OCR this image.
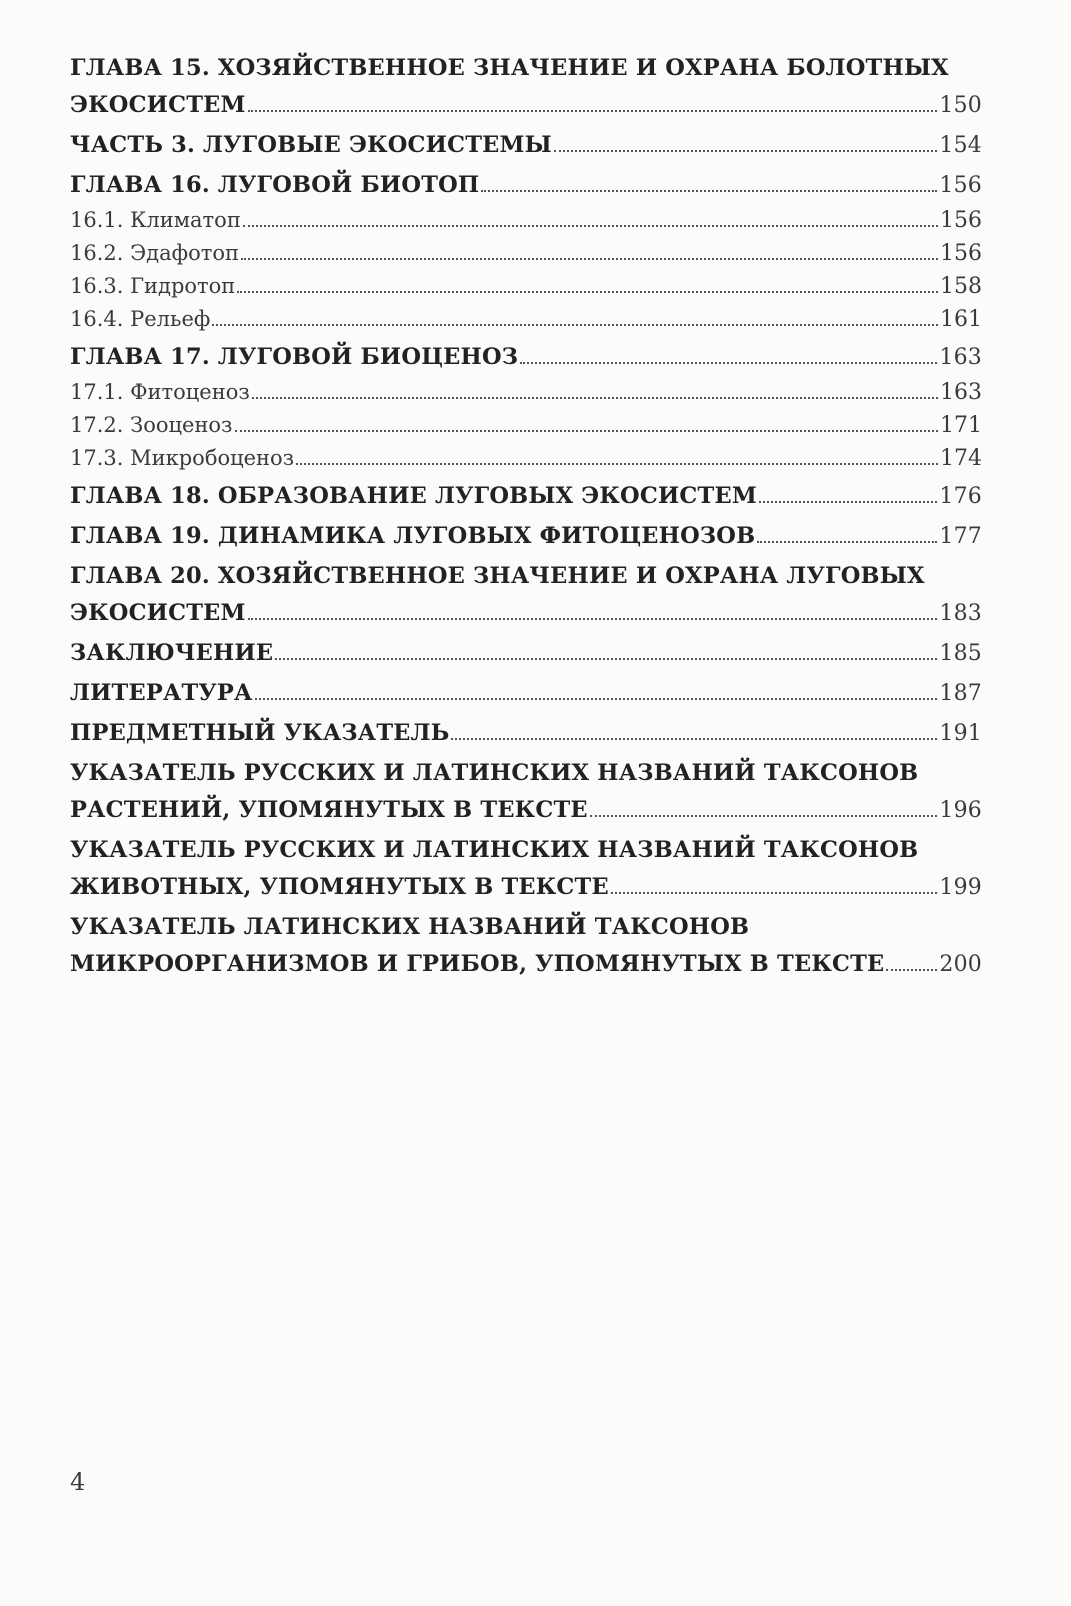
ГЛАВА 15. ХОЗЯЙСТВЕННОЕ ЗНАЧЕНИЕ И ОХРАНА БОЛОТНЫХ
ЭКОСИСТЕМ	150
ЧАСТЬ 3. ЛУГОВЫЕ ЭКОСИСТЕМЫ	154
ГЛАВА 16. ЛУГОВОЙ БИОТОП	156
16.1. Климатоп	156
16.2. Эдафотоп	156
16.3. Гидротоп	158
16.4. Рельеф	161
ГЛАВА 17. ЛУГОВОЙ БИОЦЕНОЗ	163
17.1. Фитоценоз	163
17.2. Зооценоз	171
17.3. Микробоценоз	174
ГЛАВА 18. ОБРАЗОВАНИЕ ЛУГОВЫХ ЭКОСИСТЕМ	176
ГЛАВА 19. ДИНАМИКА ЛУГОВЫХ ФИТОЦЕНОЗОВ	177
ГЛАВА 20. ХОЗЯЙСТВЕННОЕ ЗНАЧЕНИЕ И ОХРАНА ЛУГОВЫХ
ЭКОСИСТЕМ	183
ЗАКЛЮЧЕНИЕ	185
ЛИТЕРАТУРА	187
ПРЕДМЕТНЫЙ УКАЗАТЕЛЬ	191
УКАЗАТЕЛЬ РУССКИХ И ЛАТИНСКИХ НАЗВАНИЙ ТАКСОНОВ
РАСТЕНИЙ, УПОМЯНУТЫХ В ТЕКСТЕ	196
УКАЗАТЕЛЬ РУССКИХ И ЛАТИНСКИХ НАЗВАНИЙ ТАКСОНОВ
ЖИВОТНЫХ, УПОМЯНУТЫХ В ТЕКСТЕ	199
УКАЗАТЕЛЬ ЛАТИНСКИХ НАЗВАНИЙ ТАКСОНОВ
МИКРООРГАНИЗМОВ И ГРИБОВ, УПОМЯНУТЫХ В ТЕКСТЕ	200
4
